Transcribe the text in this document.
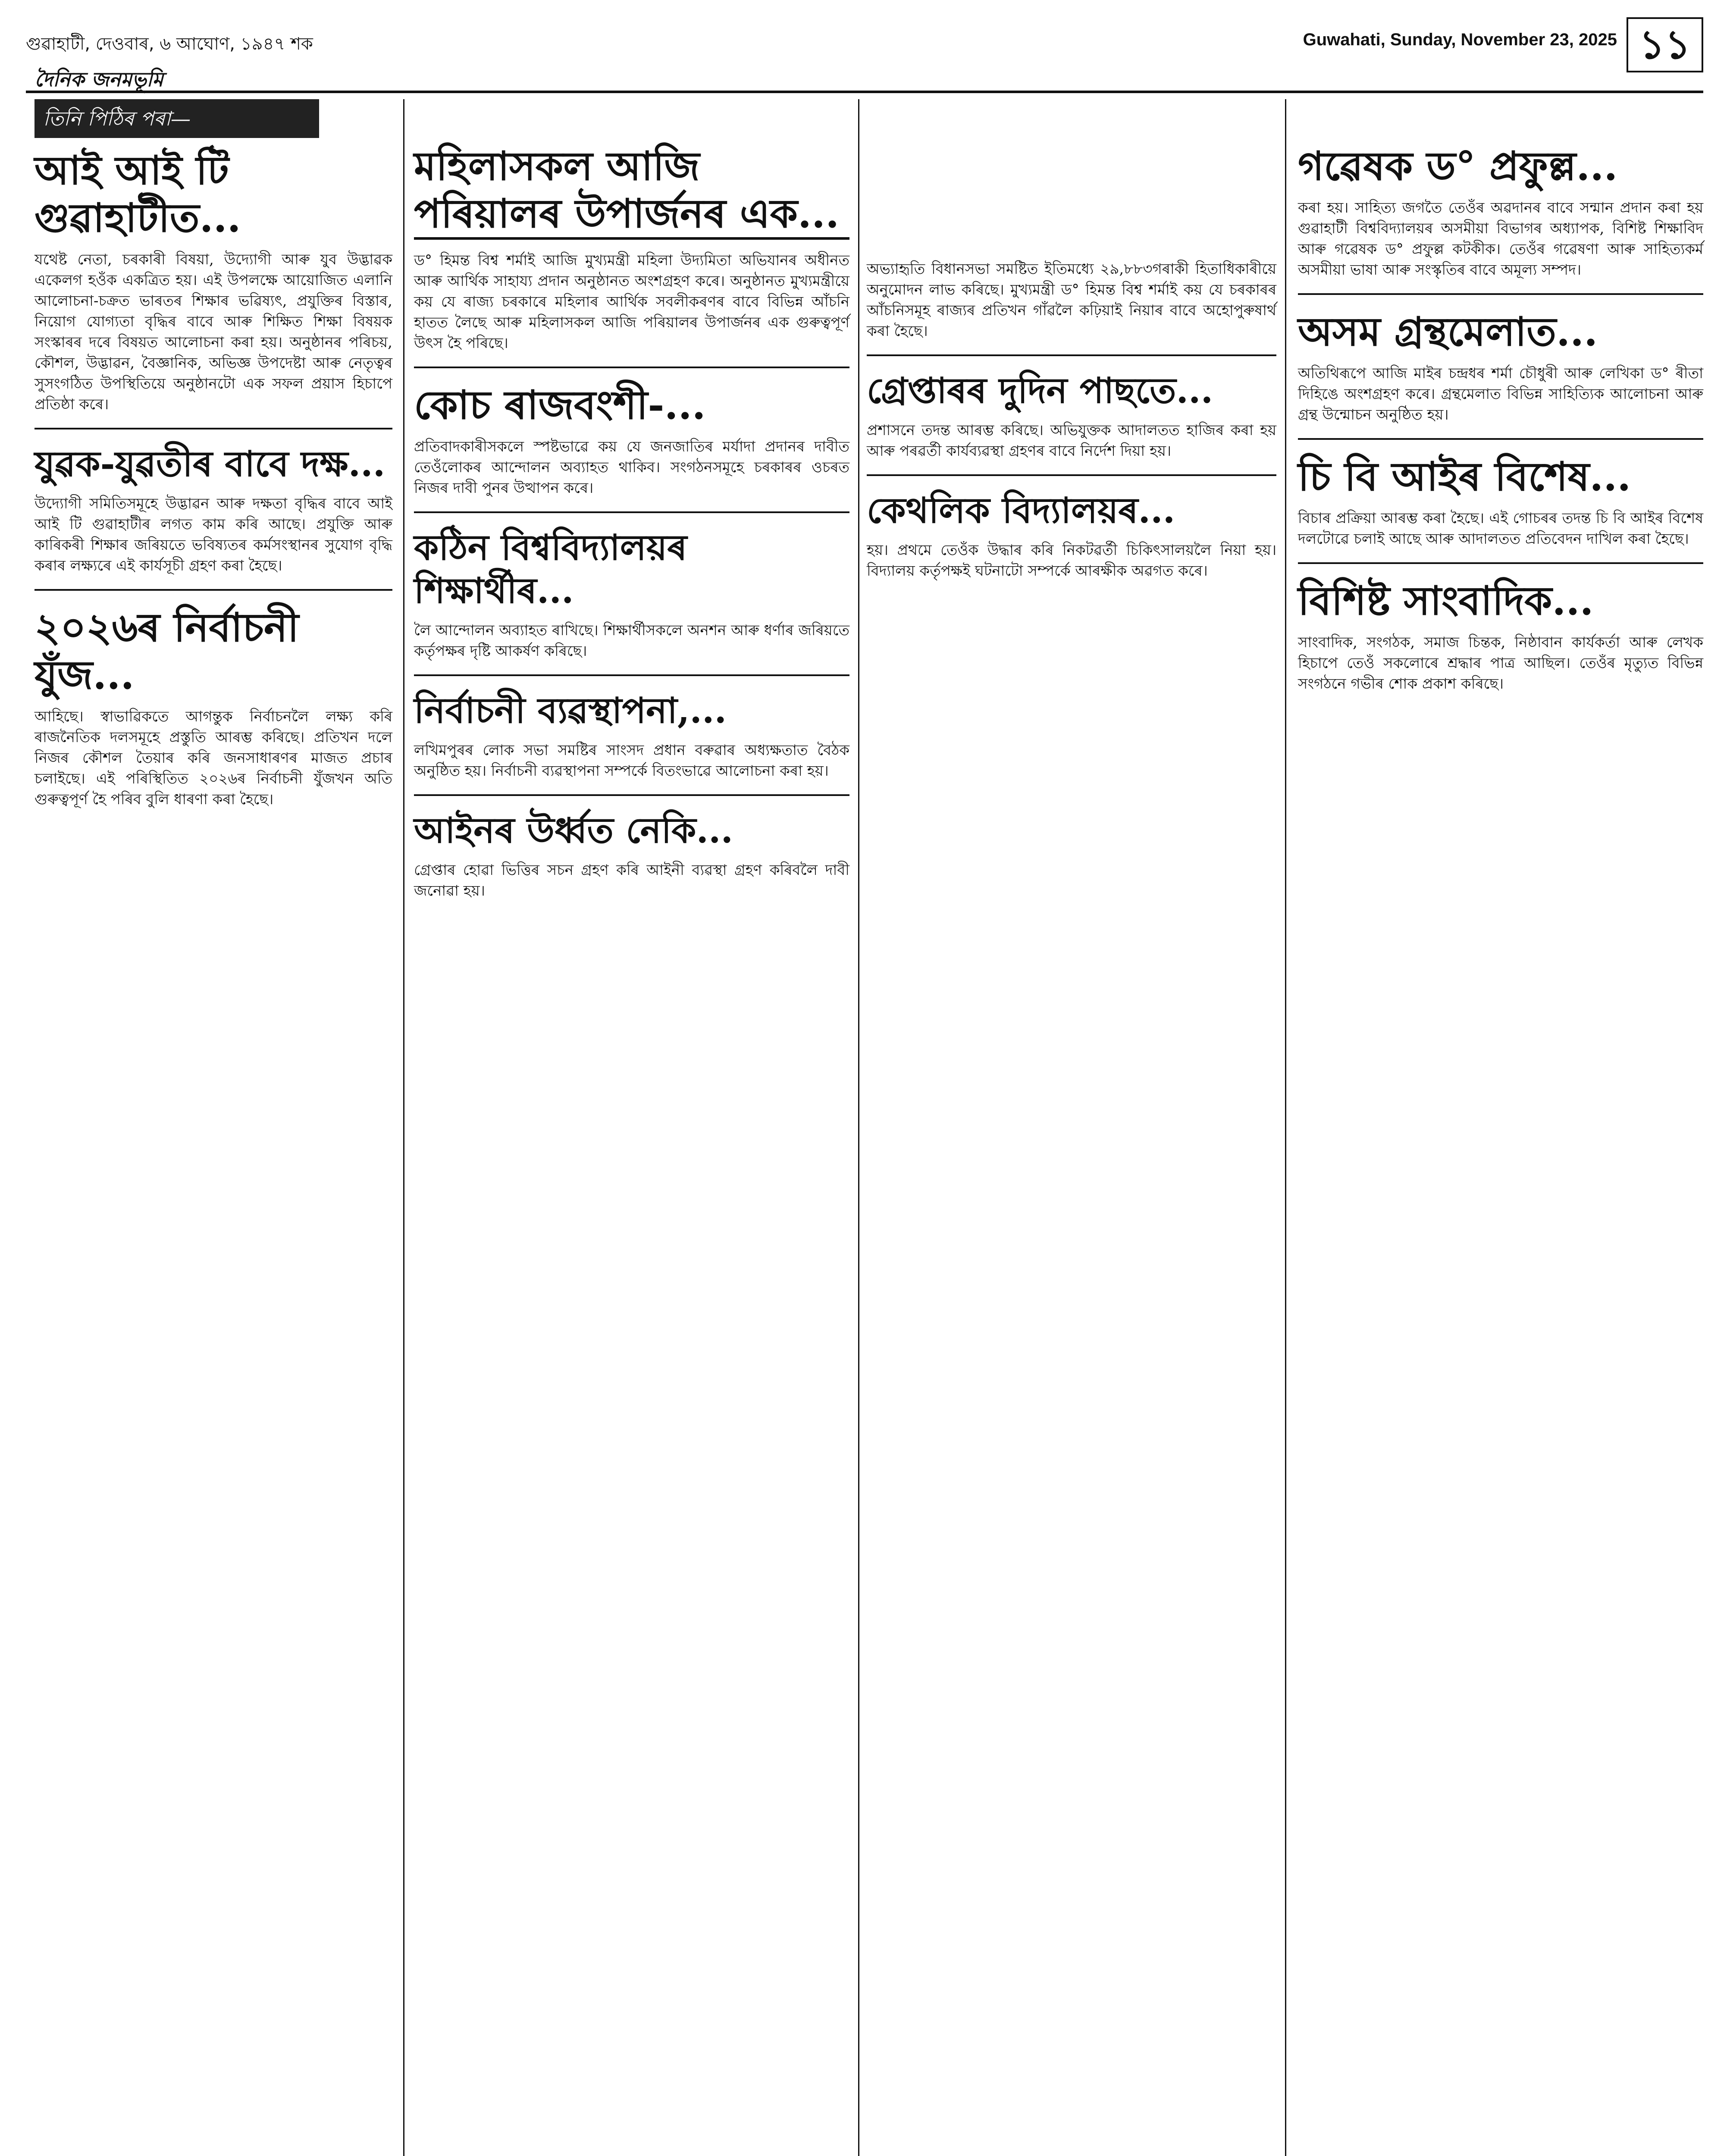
গুৱাহাটী, দেওবাৰ, ৬ আঘোণ, ১৯৪৭ শক	Guwahati, Sunday, November 23, 2025 ১১
দৈনিক জনমভূমি
তিনি পিঠিৰ পৰা—
আই আই টি গুৱাহাটীত...
যথেষ্ট নেতা, চৰকাৰী বিষয়া, উদ্যোগী আৰু যুব উদ্ভাৱক একেলগ হওঁক একত্রিত হয়। এই উপলক্ষে আয়োজিত এলানি আলোচনা-চক্রত ভাৰতৰ শিক্ষাৰ ভৱিষ্যৎ, প্ৰযুক্তিৰ বিস্তাৰ, নিয়োগ যোগ্যতা বৃদ্ধিৰ বাবে আৰু শিক্ষিত শিক্ষা বিষয়ক সংস্কাৰৰ দৰে বিষয়ত আলোচনা কৰা হয়। অনুষ্ঠানৰ পৰিচয়, কৌশল, উদ্ভাৱন, বৈজ্ঞানিক, অভিজ্ঞ উপদেষ্টা আৰু নেতৃত্বৰ সুসংগঠিত উপস্থিতিয়ে অনুষ্ঠানটো এক সফল প্ৰয়াস হিচাপে প্ৰতিষ্ঠা কৰে।
যুৱক-যুৱতীৰ বাবে দক্ষ...
উদ্যোগী সমিতিসমূহে উদ্ভাৱন আৰু দক্ষতা বৃদ্ধিৰ বাবে আই আই টি গুৱাহাটীৰ লগত কাম কৰি আছে। প্ৰযুক্তি আৰু কাৰিকৰী শিক্ষাৰ জৰিয়তে ভবিষ্যতৰ কৰ্মসংস্থানৰ সুযোগ বৃদ্ধি কৰাৰ লক্ষ্যৰে এই কাৰ্যসূচী গ্ৰহণ কৰা হৈছে।
২০২৬ৰ নিৰ্বাচনী যুঁজ...
আহিছে। স্বাভাৱিকতে আগন্তুক নিৰ্বাচনলৈ লক্ষ্য কৰি ৰাজনৈতিক দলসমূহে প্ৰস্তুতি আৰম্ভ কৰিছে। প্ৰতিখন দলে নিজৰ কৌশল তৈয়াৰ কৰি জনসাধাৰণৰ মাজত প্ৰচাৰ চলাইছে। এই পৰিস্থিতিত ২০২৬ৰ নিৰ্বাচনী যুঁজখন অতি গুৰুত্বপূৰ্ণ হৈ পৰিব বুলি ধাৰণা কৰা হৈছে।
মহিলাসকল আজি পৰিয়ালৰ উপাৰ্জনৰ এক...
ড° হিমন্ত বিশ্ব শৰ্মাই আজি মুখ্যমন্ত্ৰী মহিলা উদ্যমিতা অভিযানৰ অধীনত আৰু আৰ্থিক সাহায্য প্ৰদান অনুষ্ঠানত অংশগ্ৰহণ কৰে। অনুষ্ঠানত মুখ্যমন্ত্ৰীয়ে কয় যে ৰাজ্য চৰকাৰে মহিলাৰ আৰ্থিক সবলীকৰণৰ বাবে বিভিন্ন আঁচনি হাতত লৈছে আৰু মহিলাসকল আজি পৰিয়ালৰ উপাৰ্জনৰ এক গুৰুত্বপূৰ্ণ উৎস হৈ পৰিছে।
কোচ ৰাজবংশী-...
প্ৰতিবাদকাৰীসকলে স্পষ্টভাৱে কয় যে জনজাতিৰ মৰ্যাদা প্ৰদানৰ দাবীত তেওঁলোকৰ আন্দোলন অব্যাহত থাকিব। সংগঠনসমূহে চৰকাৰৰ ওচৰত নিজৰ দাবী পুনৰ উত্থাপন কৰে।
কঠিন বিশ্ববিদ্যালয়ৰ শিক্ষাৰ্থীৰ...
লৈ আন্দোলন অব্যাহত ৰাখিছে। শিক্ষাৰ্থীসকলে অনশন আৰু ধৰ্ণাৰ জৰিয়তে কৰ্তৃপক্ষৰ দৃষ্টি আকৰ্ষণ কৰিছে।
নিৰ্বাচনী ব্যৱস্থাপনা,...
লখিমপুৰৰ লোক সভা সমষ্টিৰ সাংসদ প্ৰধান বৰুৱাৰ অধ্যক্ষতাত বৈঠক অনুষ্ঠিত হয়। নিৰ্বাচনী ব্যৱস্থাপনা সম্পৰ্কে বিতংভাৱে আলোচনা কৰা হয়।
আইনৰ উৰ্ধ্বত নেকি...
গ্ৰেপ্তাৰ হোৱা ভিত্তিৰ সচন গ্ৰহণ কৰি আইনী ব্যৱস্থা গ্ৰহণ কৰিবলৈ দাবী জনোৱা হয়।
অভ্যাহৃতি বিধানসভা সমষ্টিত ইতিমধ্যে ২৯,৮৮৩গৰাকী হিতাধিকাৰীয়ে অনুমোদন লাভ কৰিছে। মুখ্যমন্ত্ৰী ড° হিমন্ত বিশ্ব শৰ্মাই কয় যে চৰকাৰৰ আঁচনিসমূহ ৰাজ্যৰ প্ৰতিখন গাঁৱলৈ কঢ়িয়াই নিয়াৰ বাবে অহোপুৰুষাৰ্থ কৰা হৈছে।
গ্ৰেপ্তাৰৰ দুদিন পাছতে...
প্ৰশাসনে তদন্ত আৰম্ভ কৰিছে। অভিযুক্তক আদালতত হাজিৰ কৰা হয় আৰু পৰৱৰ্তী কাৰ্যব্যৱস্থা গ্ৰহণৰ বাবে নিৰ্দেশ দিয়া হয়।
কেথলিক বিদ্যালয়ৰ...
হয়। প্ৰথমে তেওঁক উদ্ধাৰ কৰি নিকটৱৰ্তী চিকিৎসালয়লৈ নিয়া হয়। বিদ্যালয় কৰ্তৃপক্ষই ঘটনাটো সম্পৰ্কে আৰক্ষীক অৱগত কৰে।
গৱেষক ড° প্ৰফুল্ল...
কৰা হয়। সাহিত্য জগতৈ তেওঁৰ অৱদানৰ বাবে সন্মান প্ৰদান কৰা হয় গুৱাহাটী বিশ্ববিদ্যালয়ৰ অসমীয়া বিভাগৰ অধ্যাপক, বিশিষ্ট শিক্ষাবিদ আৰু গৱেষক ড° প্ৰফুল্ল কটকীক। তেওঁৰ গৱেষণা আৰু সাহিত্যকৰ্ম অসমীয়া ভাষা আৰু সংস্কৃতিৰ বাবে অমূল্য সম্পদ।
অসম গ্ৰন্থমেলাত...
অতিথিৰূপে আজি মাইৰ চন্দ্ৰধৰ শৰ্মা চৌধুৰী আৰু লেখিকা ড° ৰীতা দিহিঙে অংশগ্ৰহণ কৰে। গ্ৰন্থমেলাত বিভিন্ন সাহিত্যিক আলোচনা আৰু গ্ৰন্থ উন্মোচন অনুষ্ঠিত হয়।
চি বি আইৰ বিশেষ...
বিচাৰ প্ৰক্ৰিয়া আৰম্ভ কৰা হৈছে। এই গোচৰৰ তদন্ত চি বি আইৰ বিশেষ দলটোৱে চলাই আছে আৰু আদালতত প্ৰতিবেদন দাখিল কৰা হৈছে।
বিশিষ্ট সাংবাদিক...
সাংবাদিক, সংগঠক, সমাজ চিন্তক, নিষ্ঠাবান কাৰ্যকৰ্তা আৰু লেখক হিচাপে তেওঁ সকলোৰে শ্ৰদ্ধাৰ পাত্ৰ আছিল। তেওঁৰ মৃত্যুত বিভিন্ন সংগঠনে গভীৰ শোক প্ৰকাশ কৰিছে।
